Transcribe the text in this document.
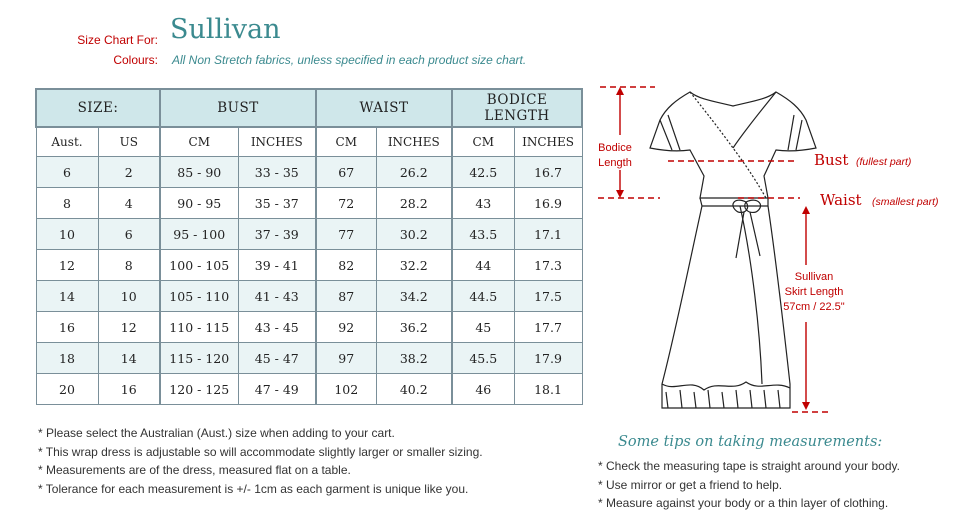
Size Chart For: Sullivan
Colours: All Non Stretch fabrics, unless specified in each product size chart.
SIZE:		BUST		WAIST		BODICE LENGTH	
Aust.	US	CM	INCHES	CM	INCHES	CM	INCHES
6	2	85 - 90	33 - 35	67	26.2	42.5	16.7
8	4	90 - 95	35 - 37	72	28.2	43	16.9
10	6	95 - 100	37 - 39	77	30.2	43.5	17.1
12	8	100 - 105	39 - 41	82	32.2	44	17.3
14	10	105 - 110	41 - 43	87	34.2	44.5	17.5
16	12	110 - 115	43 - 45	92	36.2	45	17.7
18	14	115 - 120	45 - 47	97	38.2	45.5	17.9
20	16	120 - 125	47 - 49	102	40.2	46	18.1
* Please select the Australian (Aust.) size when adding to your cart.
* This wrap dress is adjustable so will accommodate slightly larger or smaller sizing.
* Measurements are of the dress, measured flat on a table.
* Tolerance for each measurement is +/- 1cm as each garment is unique like you.
Bodice
Length	Bust (fullest part)
Waist (smallest part)
Sullivan
Skirt Length
57cm / 22.5"
Some tips on taking measurements:
* Check the measuring tape is straight around your body.
* Use mirror or get a friend to help.
* Measure against your body or a thin layer of clothing.
